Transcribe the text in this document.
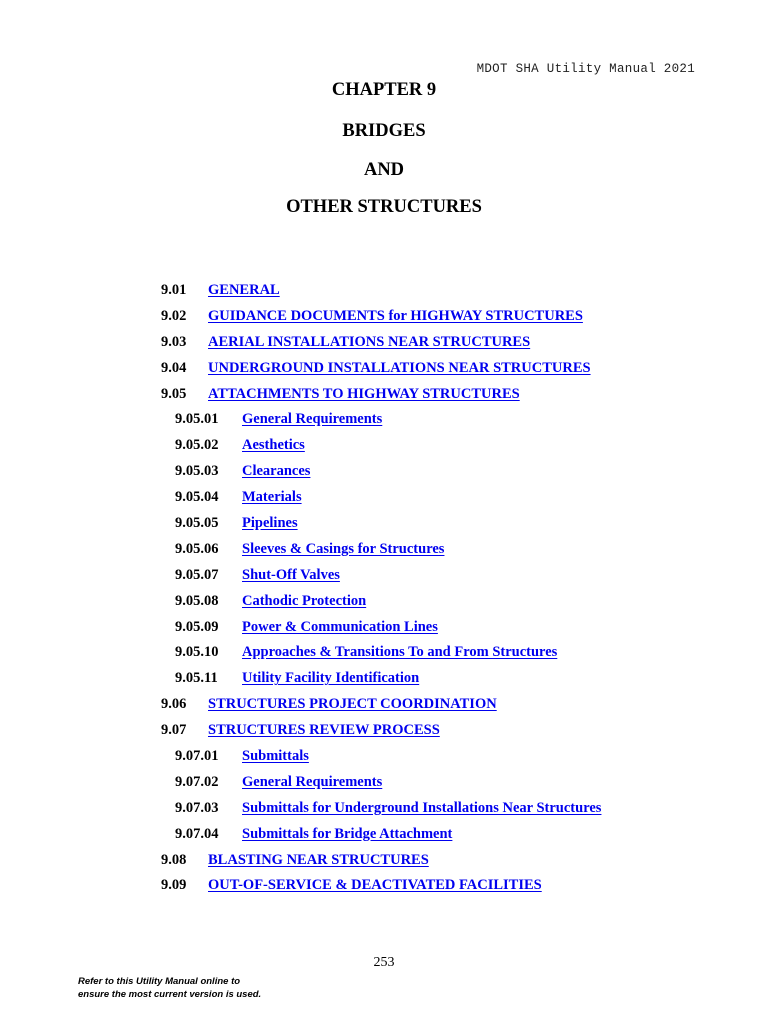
MDOT SHA Utility Manual 2021
CHAPTER 9
BRIDGES
AND
OTHER STRUCTURES
9.01 GENERAL
9.02 GUIDANCE DOCUMENTS for HIGHWAY STRUCTURES
9.03 AERIAL INSTALLATIONS NEAR STRUCTURES
9.04 UNDERGROUND INSTALLATIONS NEAR STRUCTURES
9.05 ATTACHMENTS TO HIGHWAY STRUCTURES
9.05.01 General Requirements
9.05.02 Aesthetics
9.05.03 Clearances
9.05.04 Materials
9.05.05 Pipelines
9.05.06 Sleeves & Casings for Structures
9.05.07 Shut-Off Valves
9.05.08 Cathodic Protection
9.05.09 Power & Communication Lines
9.05.10 Approaches & Transitions To and From Structures
9.05.11 Utility Facility Identification
9.06 STRUCTURES PROJECT COORDINATION
9.07 STRUCTURES REVIEW PROCESS
9.07.01 Submittals
9.07.02 General Requirements
9.07.03 Submittals for Underground Installations Near Structures
9.07.04 Submittals for Bridge Attachment
9.08 BLASTING NEAR STRUCTURES
9.09 OUT-OF-SERVICE & DEACTIVATED FACILITIES
253
Refer to this Utility Manual online to
ensure the most current version is used.
